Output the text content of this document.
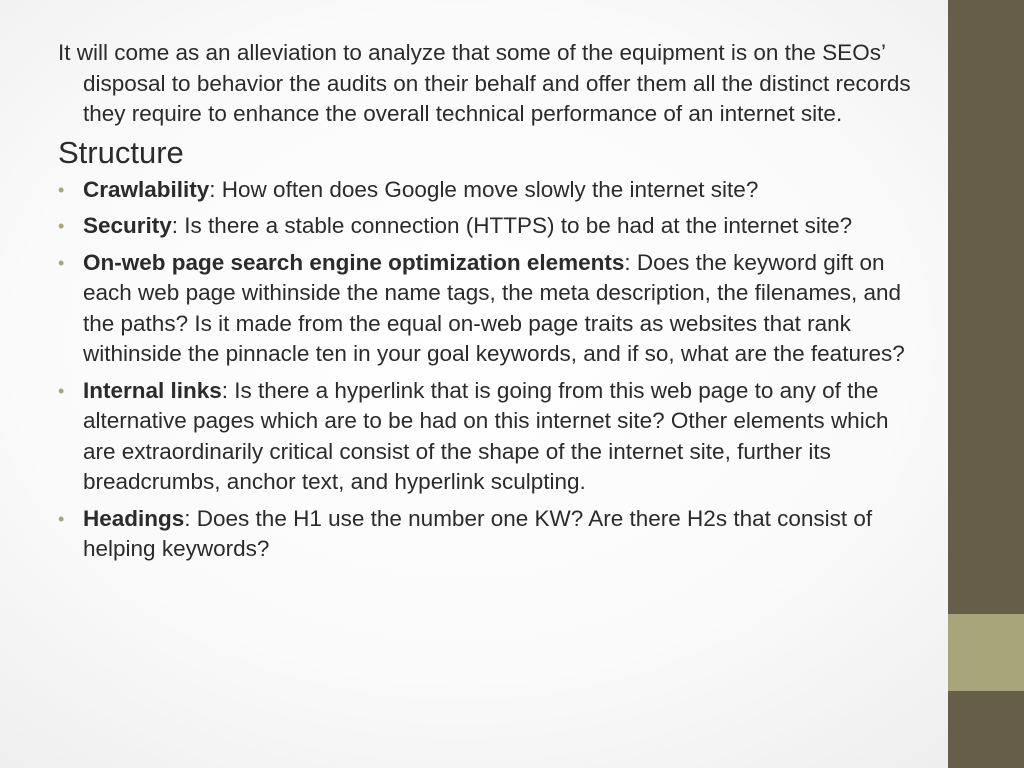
It will come as an alleviation to analyze that some of the equipment is on the SEOs’ disposal to behavior the audits on their behalf and offer them all the distinct records they require to enhance the overall technical performance of an internet site.

Structure
• Crawlability: How often does Google move slowly the internet site?
• Security: Is there a stable connection (HTTPS) to be had at the internet site?
• On-web page search engine optimization elements: Does the keyword gift on each web page withinside the name tags, the meta description, the filenames, and the paths? Is it made from the equal on-web page traits as websites that rank withinside the pinnacle ten in your goal keywords, and if so, what are the features?
• Internal links: Is there a hyperlink that is going from this web page to any of the alternative pages which are to be had on this internet site? Other elements which are extraordinarily critical consist of the shape of the internet site, further its breadcrumbs, anchor text, and hyperlink sculpting.
• Headings: Does the H1 use the number one KW? Are there H2s that consist of helping keywords?
